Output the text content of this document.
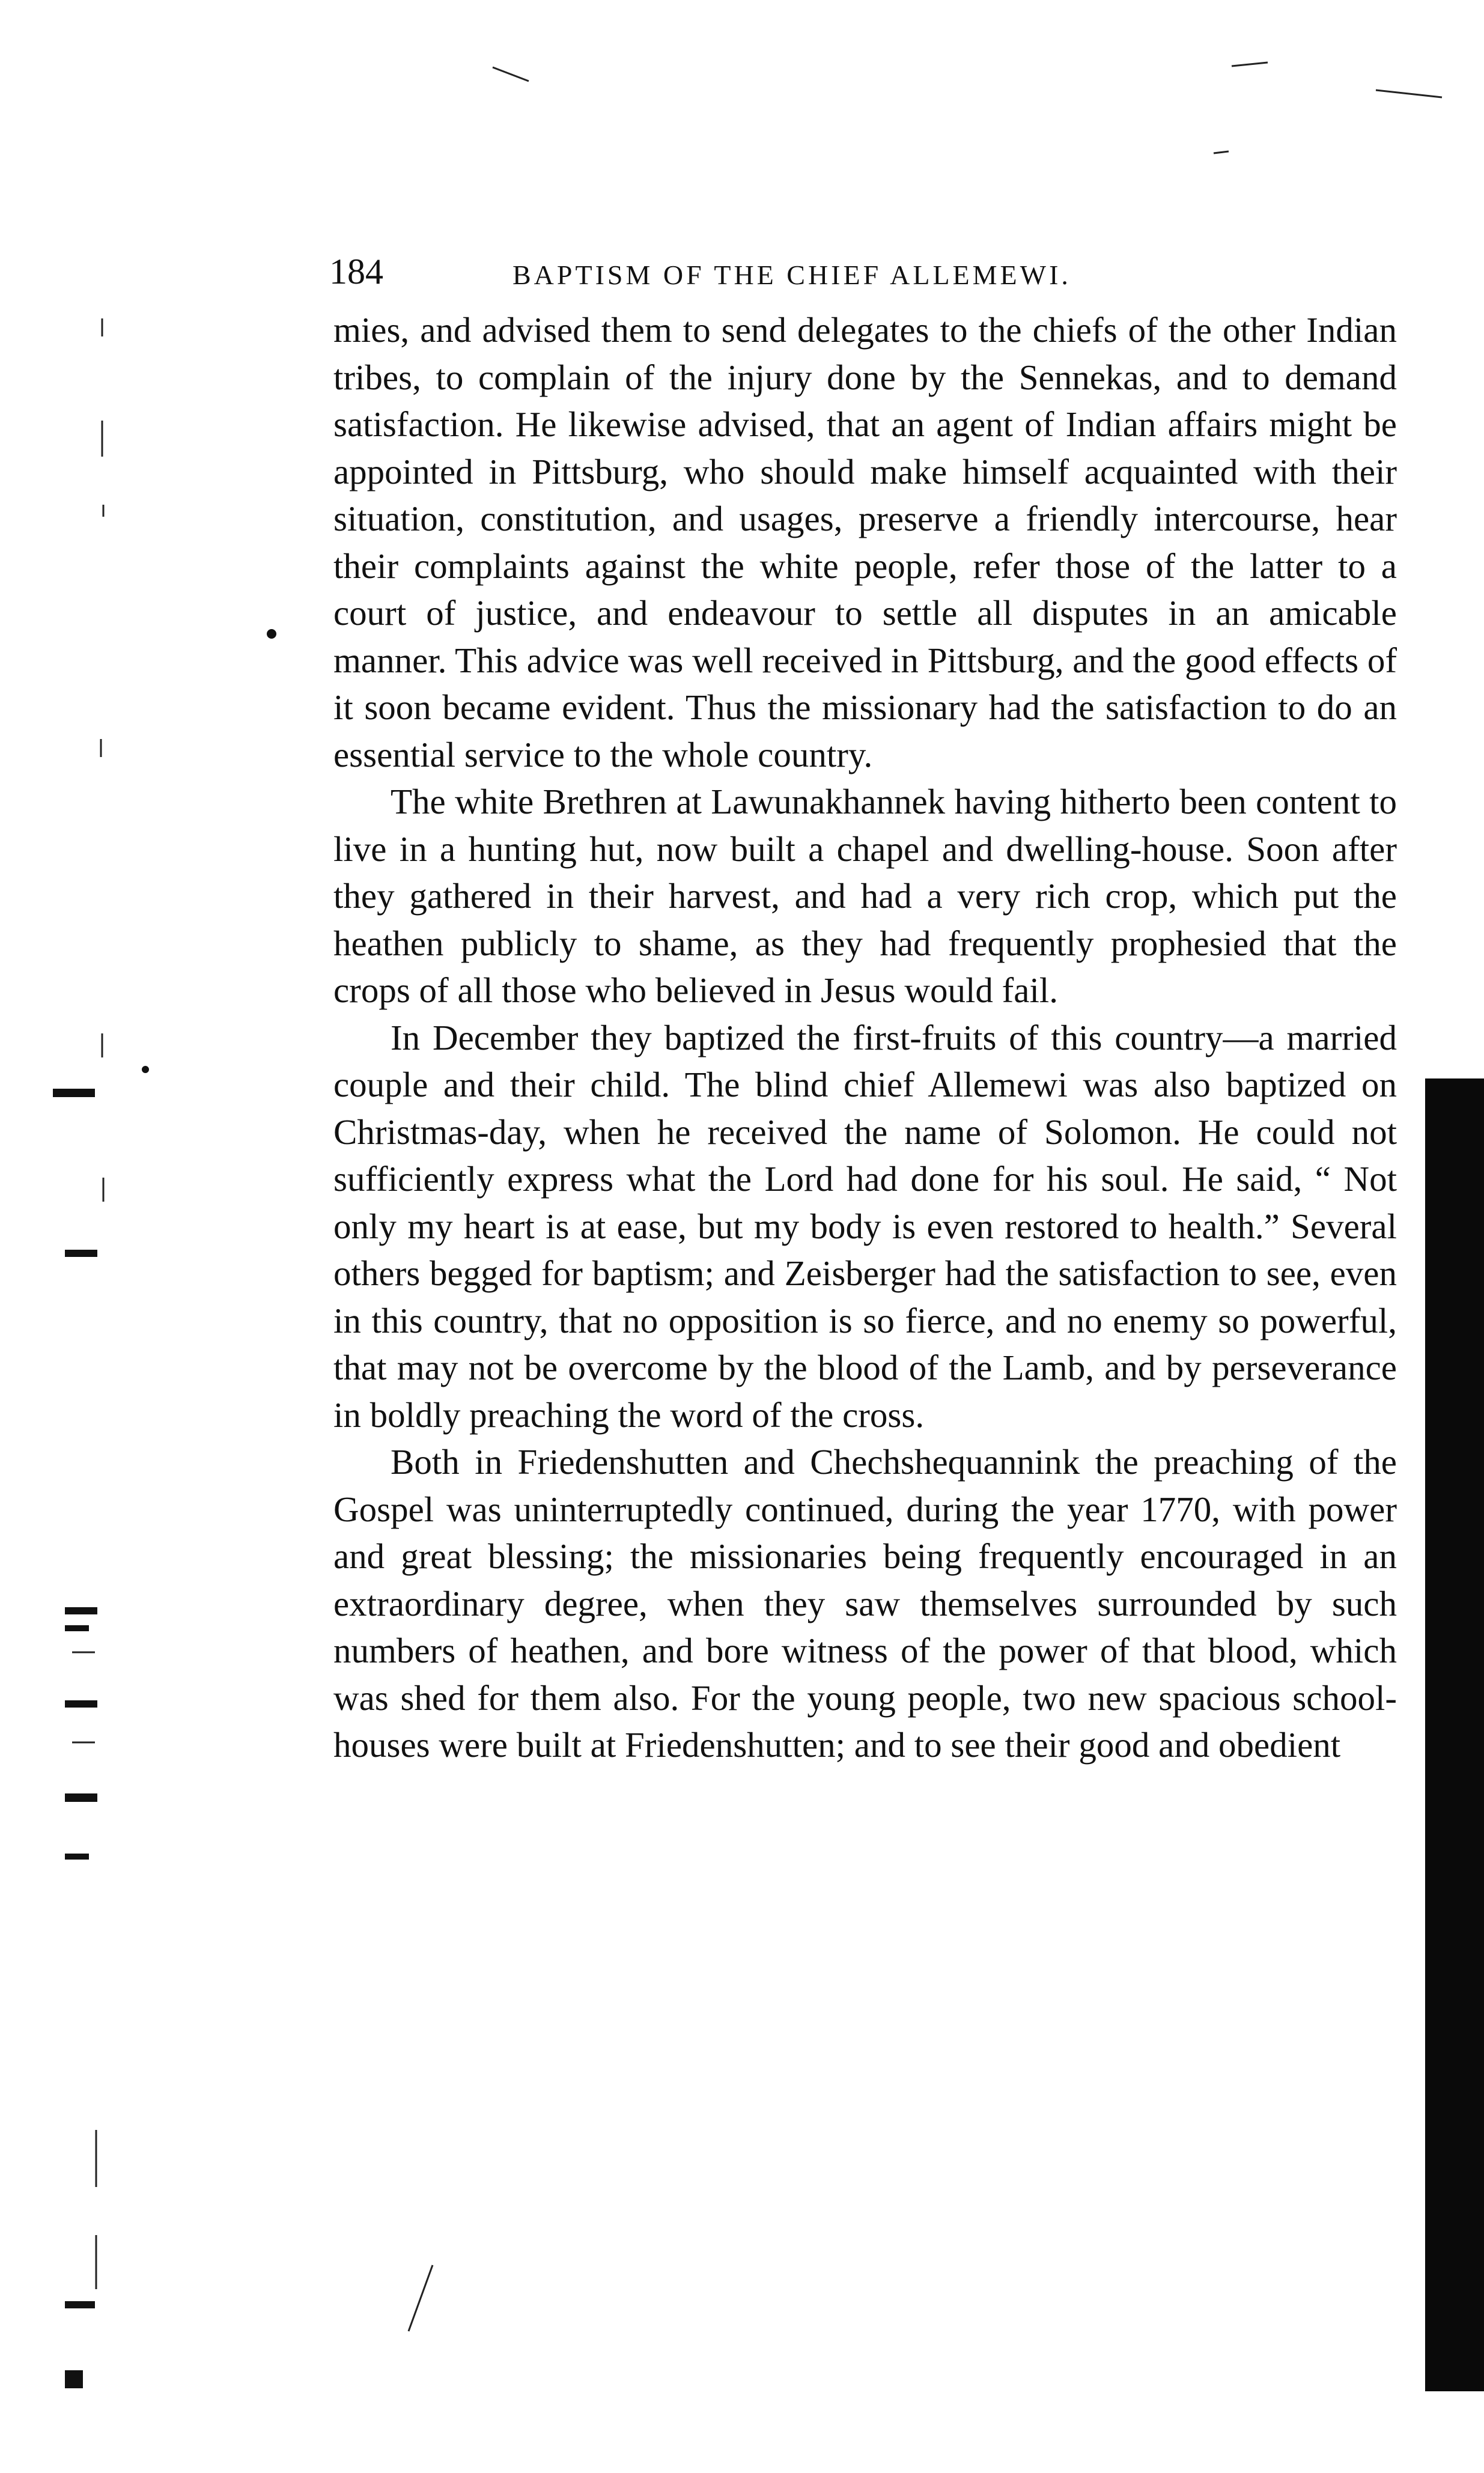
184	BAPTISM OF THE CHIEF ALLEMEWI.

mies, and advised them to send delegates to the chiefs of the other Indian tribes, to complain of the injury done by the Sennekas, and to demand satisfaction. He likewise advised, that an agent of Indian affairs might be appointed in Pittsburg, who should make himself acquainted with their situation, constitution, and usages, preserve a friendly intercourse, hear their complaints against the white people, refer those of the latter to a court of justice, and endeavour to settle all disputes in an amicable manner. This advice was well received in Pittsburg, and the good effects of it soon became evident. Thus the missionary had the satisfaction to do an essential service to the whole country.

The white Brethren at Lawunakhannek having hitherto been content to live in a hunting hut, now built a chapel and dwelling-house. Soon after they gathered in their harvest, and had a very rich crop, which put the heathen publicly to shame, as they had frequently prophesied that the crops of all those who believed in Jesus would fail.

In December they baptized the first-fruits of this country—a married couple and their child. The blind chief Allemewi was also baptized on Christmas-day, when he received the name of Solomon. He could not sufficiently express what the Lord had done for his soul. He said, “ Not only my heart is at ease, but my body is even restored to health.” Several others begged for baptism; and Zeisberger had the satisfaction to see, even in this country, that no opposition is so fierce, and no enemy so powerful, that may not be overcome by the blood of the Lamb, and by perseverance in boldly preaching the word of the cross.

Both in Friedenshutten and Chechshequannink the preaching of the Gospel was uninterruptedly continued, during the year 1770, with power and great blessing; the missionaries being frequently encouraged in an extraordinary degree, when they saw themselves surrounded by such numbers of heathen, and bore witness of the power of that blood, which was shed for them also. For the young people, two new spacious school-houses were built at Friedenshutten; and to see their good and obedient
